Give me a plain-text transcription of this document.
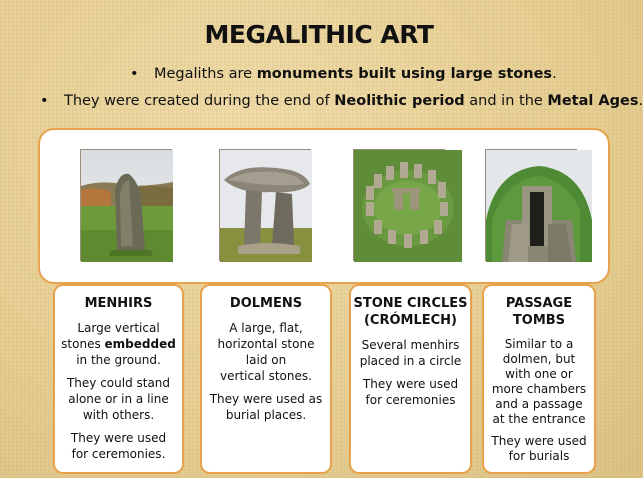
MEGALITHIC ART
• Megaliths are monuments built using large stones.
• They were created during the end of Neolithic period and in the Metal Ages.
MENHIRS

Large vertical
stones embedded
in the ground.

They could stand
alone or in a line
with others.

They were used
for ceremonies.

DOLMENS

A large, flat,
horizontal stone
laid on
vertical stones.

They were used as
burial places.

STONE CIRCLES
(CRÓMLECH)

Several menhirs
placed in a circle

They were used
for ceremonies

PASSAGE
TOMBS

Similar to a
dolmen, but
with one or
more chambers
and a passage
at the entrance

They were used
for burials
